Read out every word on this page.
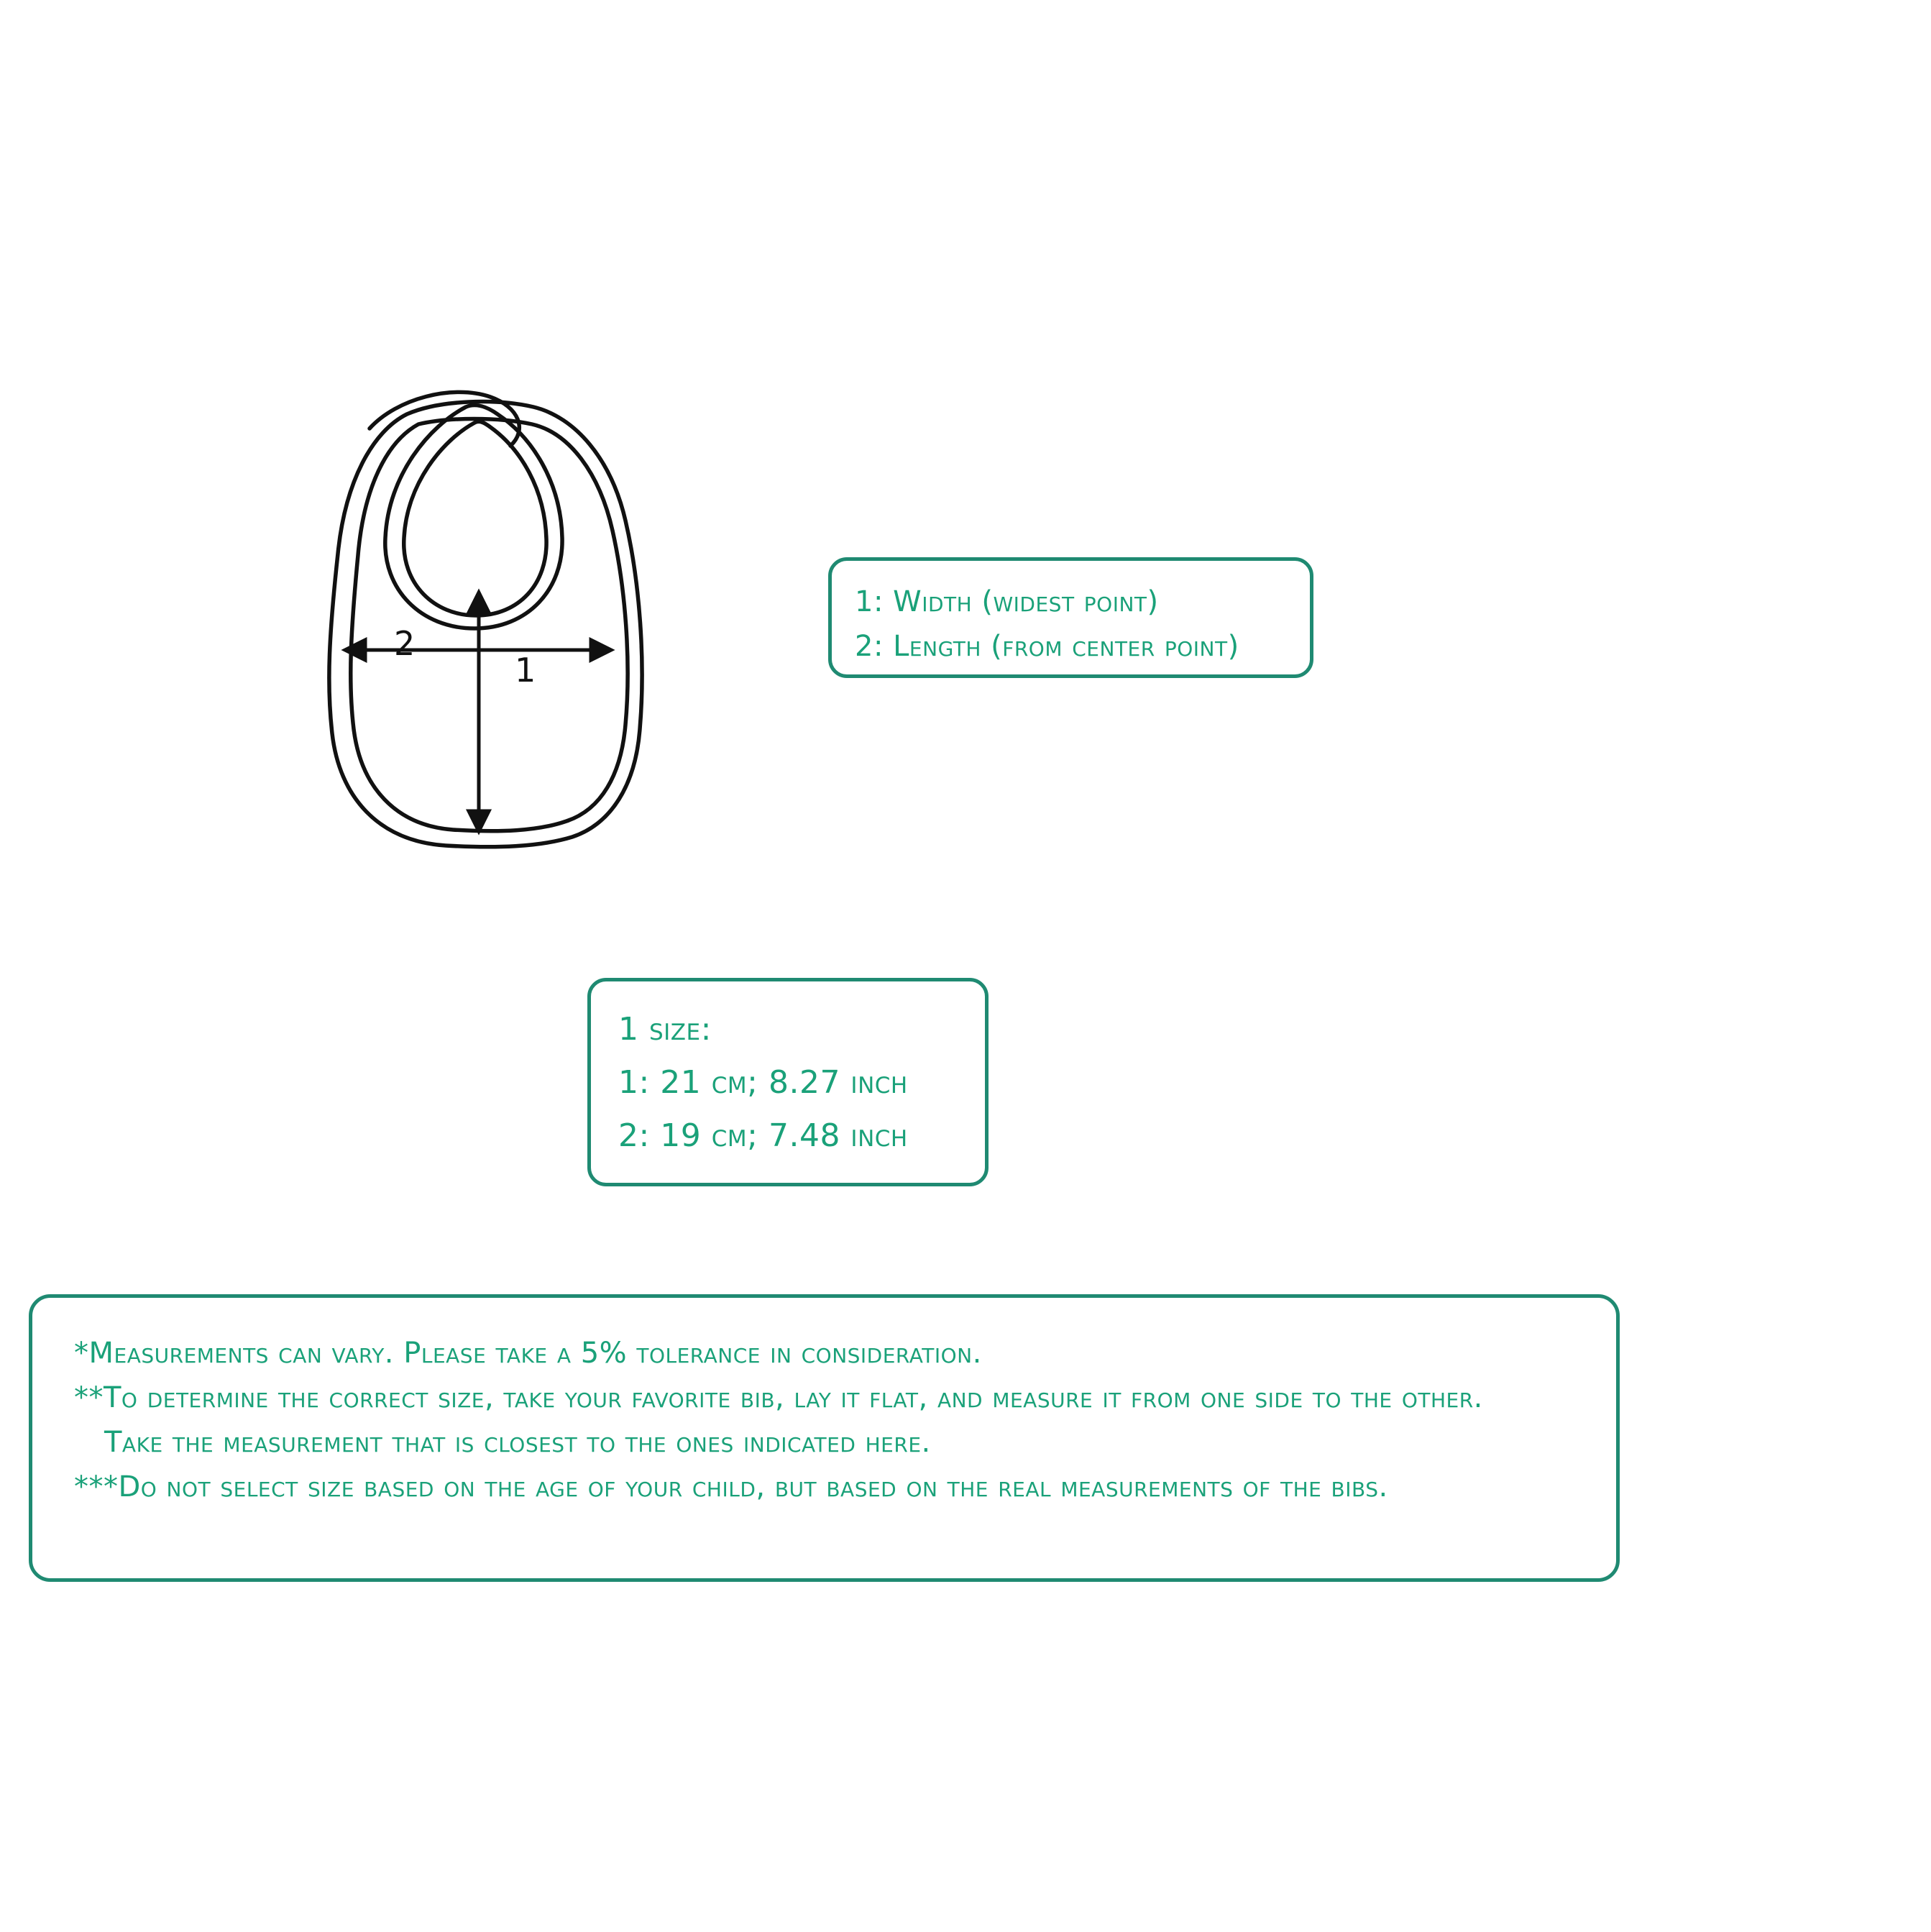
1
2
1: Width (widest point)
2: Length (from center point)
1 size:
1: 21 cm; 8.27 inch
2: 19 cm; 7.48 inch
*Measurements can vary. Please take a 5% tolerance in consideration.
**To determine the correct size, take your favorite bib, lay it flat, and measure it from one side to the other.
Take the measurement that is closest to the ones indicated here.
***Do not select size based on the age of your child, but based on the real measurements of the bibs.
